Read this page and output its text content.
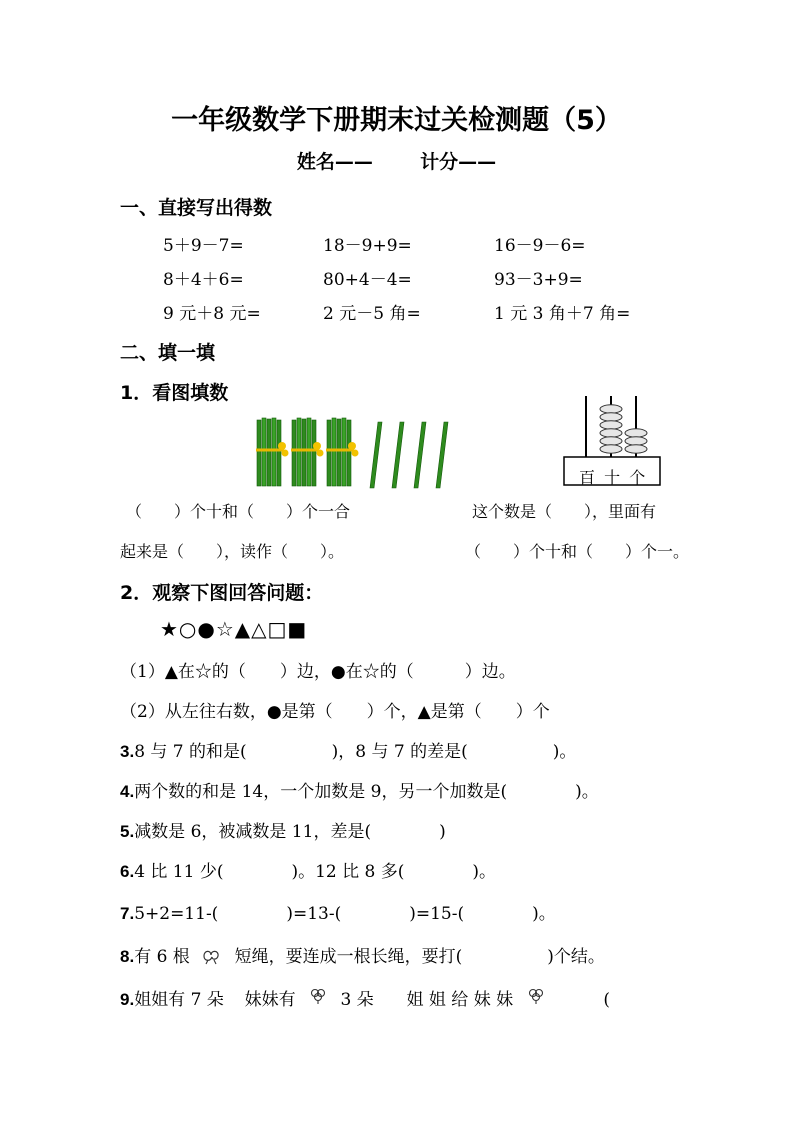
一年级数学下册期末过关检测题（5）
姓名—— 计分——
一、直接写出得数
5＋9－7=	18－9+9=	16－9－6=
8＋4＋6=	80+4－4=	93－3+9=
9 元＋8 元=	2 元－5 角=	1 元 3 角＋7 角=
二、填一填
1．看图填数
百 十 个
（　　）个十和（　　）个一合	这个数是（　　），里面有
起来是（　　），读作（　　）。	（　　）个十和（　　）个一。
2．观察下图回答问题：
★○●☆▲△□■
（1）▲在☆的（　　）边，●在☆的（　　　）边。
（2）从左往右数，●是第（　　）个，▲是第（　　）个
3.8 与 7 的和是(　　　　　)，8 与 7 的差是(　　　　　)。
4.两个数的和是 14，一个加数是 9，另一个加数是(　　　　)。
5.减数是 6，被减数是 11，差是(　　　　)
6.4 比 11 少(　　　　)。12 比 8 多(　　　　)。
7.5+2=11-(　　　　)=13-(　　　　)=15-(　　　　)。
8.有 6 根	短绳，要连成一根长绳，要打(　　　　　)个结。
9.姐姐有 7 朵 妹妹有	3 朵 姐 姐 给 妹 妹	(
